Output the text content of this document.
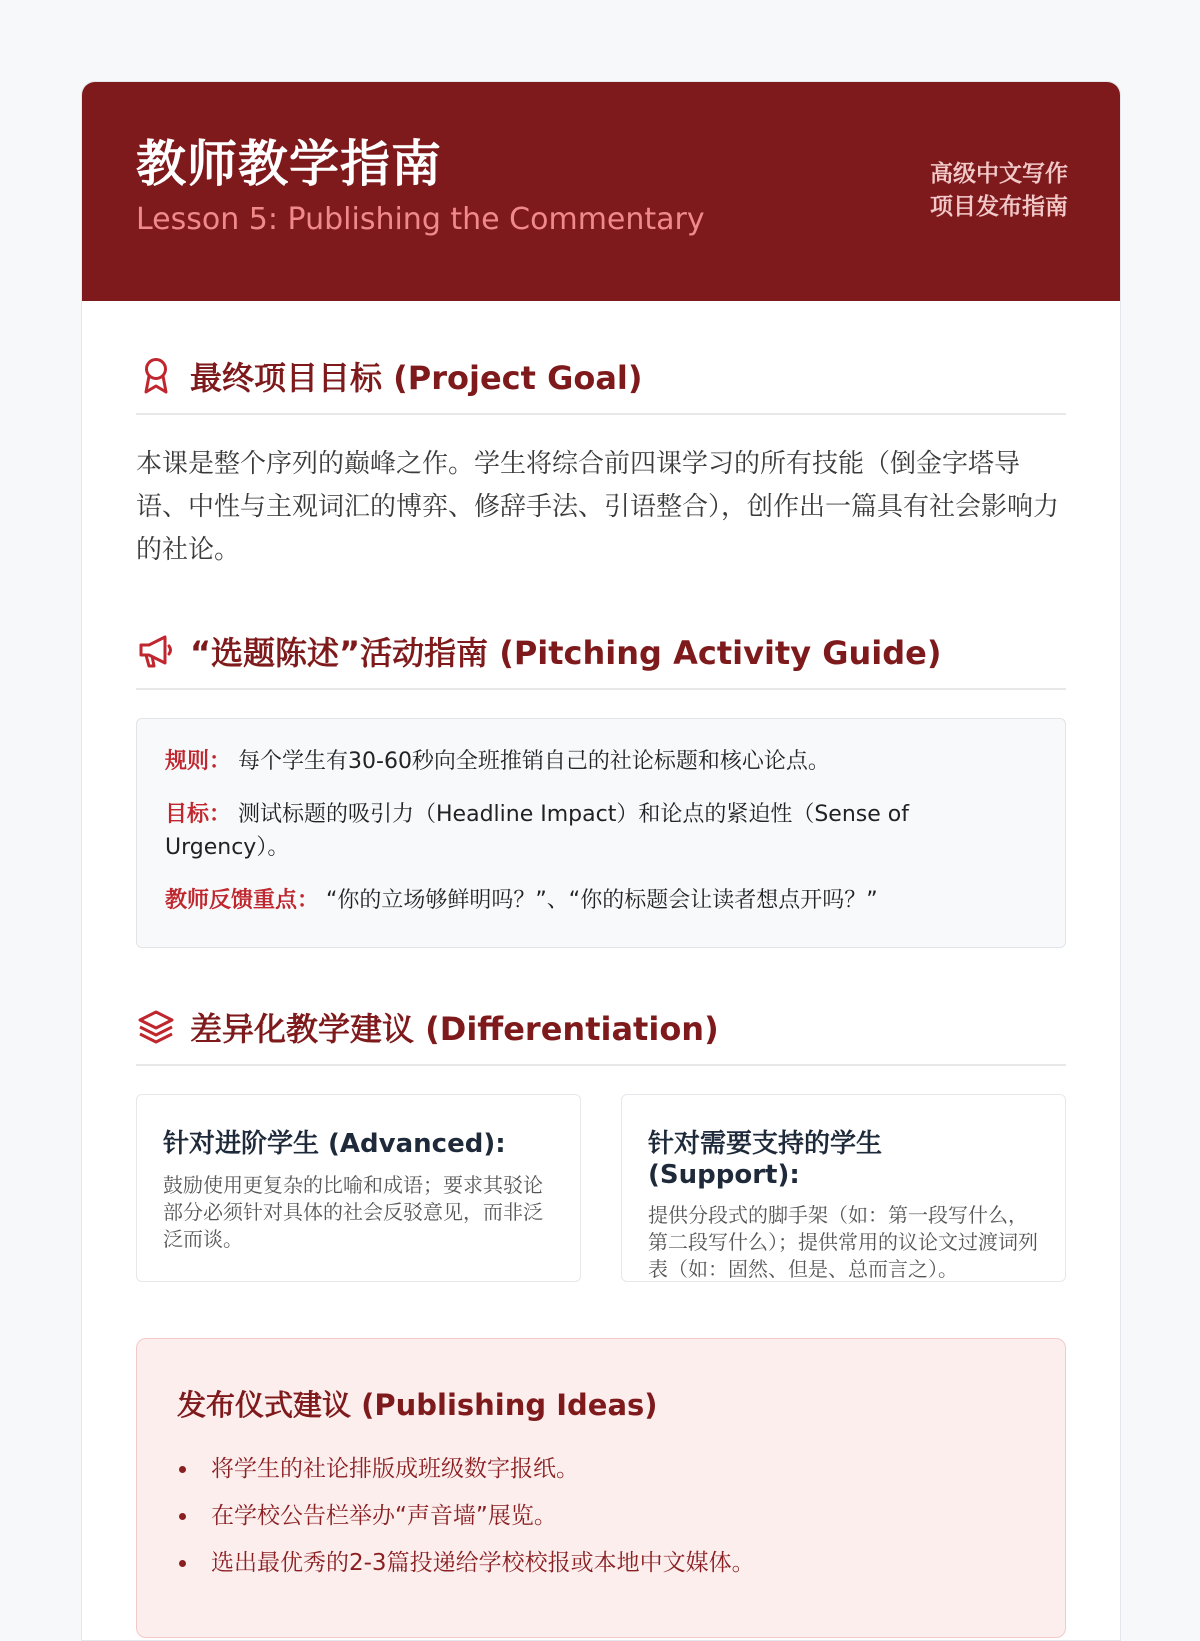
教师教学指南
Lesson 5: Publishing the Commentary
高级中文写作
项目发布指南
最终项目目标 (Project Goal)

本课是整个序列的巅峰之作。学生将综合前四课学习的所有技能（倒金字塔导语、中性与主观词汇的博弈、修辞手法、引语整合），创作出一篇具有社会影响力的社论。

“选题陈述”活动指南 (Pitching Activity Guide)

规则： 每个学生有30-60秒向全班推销自己的社论标题和核心论点。

目标： 测试标题的吸引力（Headline Impact）和论点的紧迫性（Sense of Urgency）。

教师反馈重点： “你的立场够鲜明吗？”、“你的标题会让读者想点开吗？”

差异化教学建议 (Differentiation)
针对进阶学生 (Advanced):

鼓励使用更复杂的比喻和成语；要求其驳论部分必须针对具体的社会反驳意见，而非泛泛而谈。

针对需要支持的学生 (Support):

提供分段式的脚手架（如：第一段写什么，第二段写什么）；提供常用的议论文过渡词列表（如：固然、但是、总而言之）。

发布仪式建议 (Publishing Ideas)
将学生的社论排版成班级数字报纸。
在学校公告栏举办“声音墙”展览。
选出最优秀的2-3篇投递给学校校报或本地中文媒体。
